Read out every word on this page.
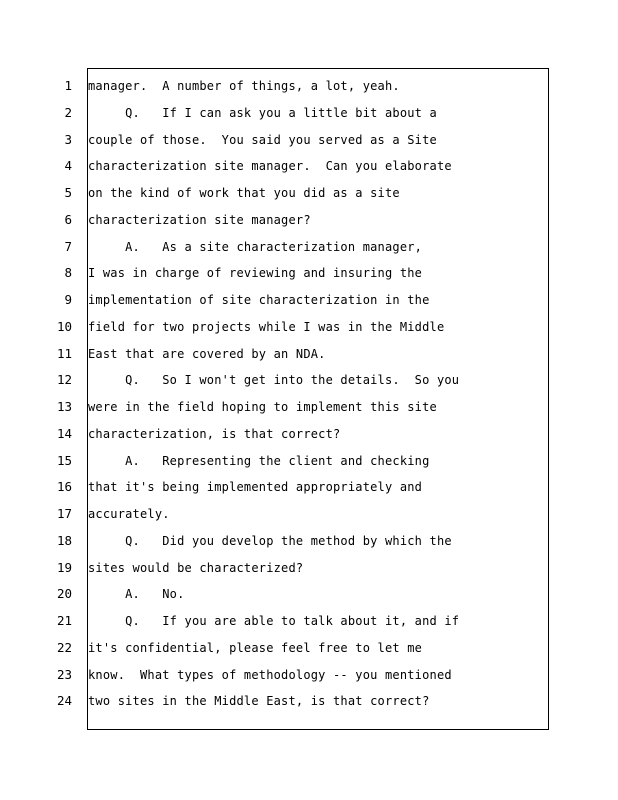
1 manager.  A number of things, a lot, yeah.
2 Q.   If I can ask you a little bit about a
3 couple of those.  You said you served as a Site
4 characterization site manager.  Can you elaborate
5 on the kind of work that you did as a site
6 characterization site manager?
7 A.   As a site characterization manager,
8 I was in charge of reviewing and insuring the
9 implementation of site characterization in the
10 field for two projects while I was in the Middle
11 East that are covered by an NDA.
12 Q.   So I won't get into the details.  So you
13 were in the field hoping to implement this site
14 characterization, is that correct?
15 A.   Representing the client and checking
16 that it's being implemented appropriately and
17 accurately.
18 Q.   Did you develop the method by which the
19 sites would be characterized?
20 A.   No.
21 Q.   If you are able to talk about it, and if
22 it's confidential, please feel free to let me
23 know.  What types of methodology -- you mentioned
24 two sites in the Middle East, is that correct?
